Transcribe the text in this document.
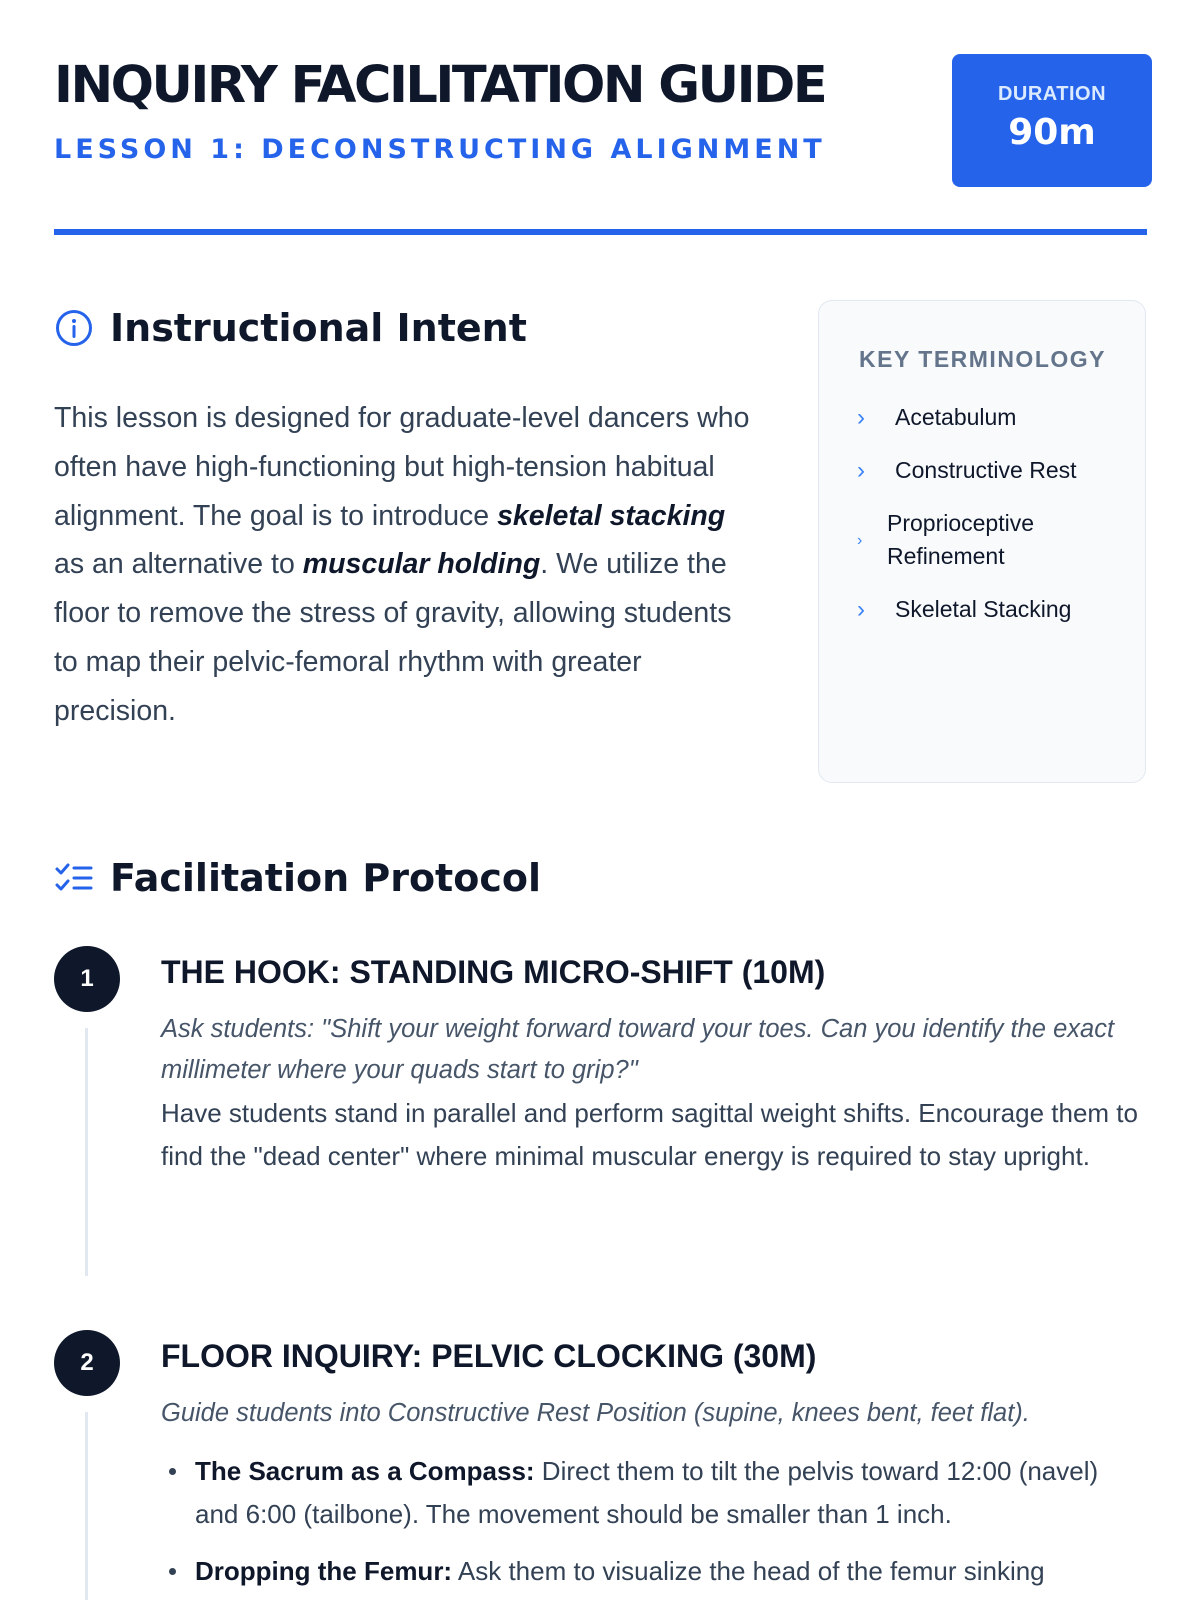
INQUIRY FACILITATION GUIDE
LESSON 1: DECONSTRUCTING ALIGNMENT
DURATION
90m
Instructional Intent

This lesson is designed for graduate-level dancers who often have high-functioning but high-tension habitual alignment. The goal is to introduce skeletal stacking as an alternative to muscular holding. We utilize the floor to remove the stress of gravity, allowing students to map their pelvic-femoral rhythm with greater precision.

KEY TERMINOLOGY
›	Acetabulum
›	Constructive Rest
›
Proprioceptive Refinement
›	Skeletal Stacking
Facilitation Protocol
1	THE HOOK: STANDING MICRO-SHIFT (10M)
Ask students: "Shift your weight forward toward your toes. Can you identify the exact millimeter where your quads start to grip?"
Have students stand in parallel and perform sagittal weight shifts. Encourage them to find the "dead center" where minimal muscular energy is required to stay upright.
2	FLOOR INQUIRY: PELVIC CLOCKING (30M)
Guide students into Constructive Rest Position (supine, knees bent, feet flat).
The Sacrum as a Compass: Direct them to tilt the pelvis toward 12:00 (navel) and 6:00 (tailbone). The movement should be smaller than 1 inch.
Dropping the Femur: Ask them to visualize the head of the femur sinking
